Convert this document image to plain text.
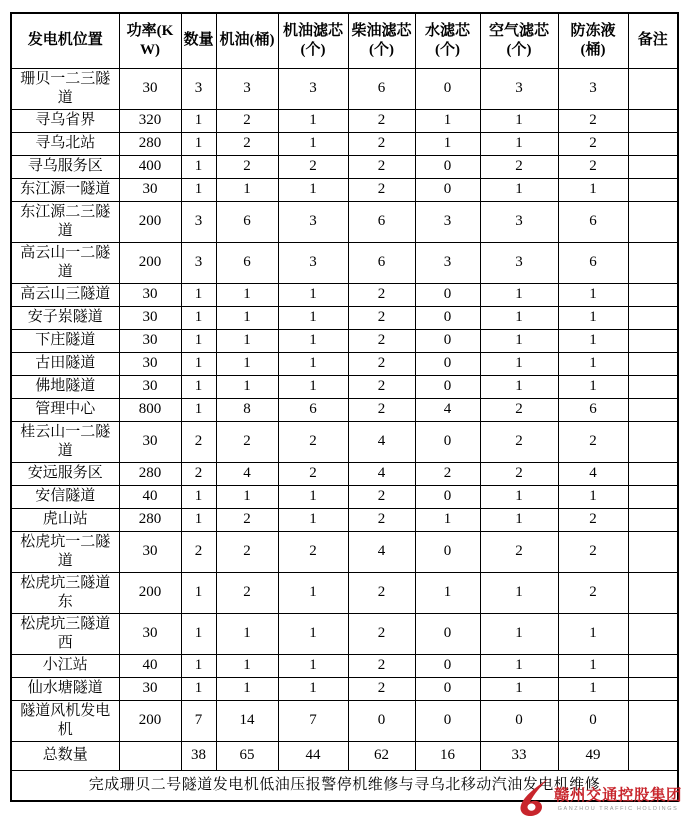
发电机位置	功率(KW)	数量	机油(桶)	机油滤芯(个)	柴油滤芯(个)	水滤芯(个)	空气滤芯(个)	防冻液(桶)	备注
珊贝一二三隧道	30	3	3	3	6	0	3	3	
寻乌省界	320	1	2	1	2	1	1	2	
寻乌北站	280	1	2	1	2	1	1	2	
寻乌服务区	400	1	2	2	2	0	2	2	
东江源一隧道	30	1	1	1	2	0	1	1	
东江源二三隧道	200	3	6	3	6	3	3	6	
高云山一二隧道	200	3	6	3	6	3	3	6	
高云山三隧道	30	1	1	1	2	0	1	1	
安子岽隧道	30	1	1	1	2	0	1	1	
下庄隧道	30	1	1	1	2	0	1	1	
古田隧道	30	1	1	1	2	0	1	1	
佛地隧道	30	1	1	1	2	0	1	1	
管理中心	800	1	8	6	2	4	2	6	
桂云山一二隧道	30	2	2	2	4	0	2	2	
安远服务区	280	2	4	2	4	2	2	4	
安信隧道	40	1	1	1	2	0	1	1	
虎山站	280	1	2	1	2	1	1	2	
松虎坑一二隧道	30	2	2	2	4	0	2	2	
松虎坑三隧道东	200	1	2	1	2	1	1	2	
松虎坑三隧道西	30	1	1	1	2	0	1	1	
小江站	40	1	1	1	2	0	1	1	
仙水塘隧道	30	1	1	1	2	0	1	1	
隧道风机发电机	200	7	14	7	0	0	0	0	
总数量		38	65	44	62	16	33	49	
完成珊贝二号隧道发电机低油压报警停机维修与寻乌北移动汽油发电机维修									
赣州交通控股集团
GANZHOU TRAFFIC HOLDINGS
